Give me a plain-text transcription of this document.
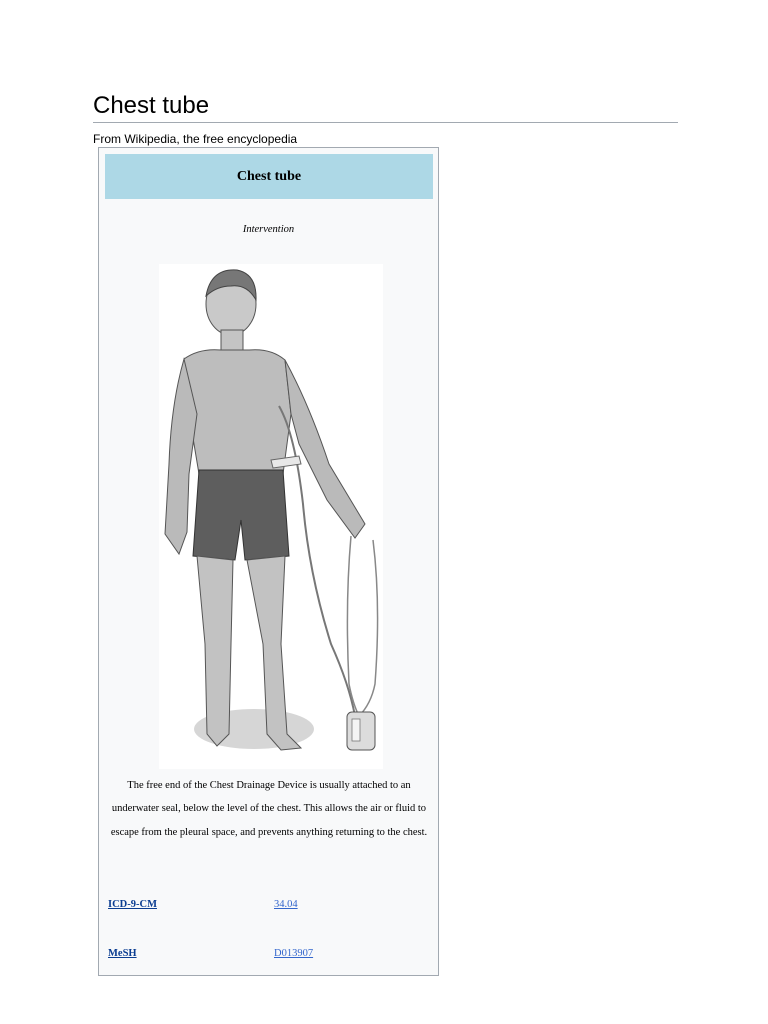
Chest tube
From Wikipedia, the free encyclopedia
Chest tube
Intervention
The free end of the Chest Drainage Device is usually attached to an underwater seal, below the level of the chest. This allows the air or fluid to escape from the pleural space, and prevents anything returning to the chest.
ICD-9-CM	34.04
MeSH	D013907
